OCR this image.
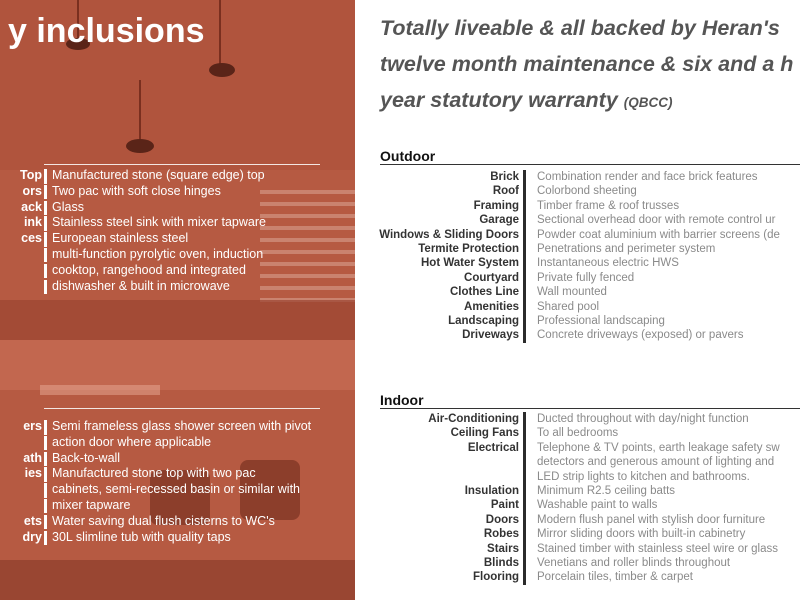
y inclusions
Top Manufactured stone (square edge) top
ors Two pac with soft close hinges
ack Glass
ink Stainless steel sink with mixer tapware
ces European stainless steel
multi-function pyrolytic oven, induction
cooktop, rangehood and integrated
dishwasher & built in microwave
ers Semi frameless glass shower screen with pivot
action door where applicable
ath Back-to-wall
ies Manufactured stone top with two pac
cabinets, semi-recessed basin or similar with
mixer tapware
ets Water saving dual flush cisterns to WC's
dry 30L slimline tub with quality taps
Totally liveable & all backed by Heran's
twelve month maintenance & six and a h
year statutory warranty (QBCC)
Outdoor
Brick Combination render and face brick features
Roof Colorbond sheeting
Framing Timber frame & roof trusses
Garage Sectional overhead door with remote control ur
Windows & Sliding Doors Powder coat aluminium with barrier screens (de
Termite Protection Penetrations and perimeter system
Hot Water System Instantaneous electric HWS
Courtyard Private fully fenced
Clothes Line Wall mounted
Amenities Shared pool
Landscaping Professional landscaping
Driveways Concrete driveways (exposed) or pavers
Indoor
Air-Conditioning Ducted throughout with day/night function
Ceiling Fans To all bedrooms
Electrical Telephone & TV points, earth leakage safety sw
detectors and generous amount of lighting and
LED strip lights to kitchen and bathrooms.
Insulation Minimum R2.5 ceiling batts
Paint Washable paint to walls
Doors Modern flush panel with stylish door furniture
Robes Mirror sliding doors with built-in cabinetry
Stairs Stained timber with stainless steel wire or glass
Blinds Venetians and roller blinds throughout
Flooring Porcelain tiles, timber & carpet
